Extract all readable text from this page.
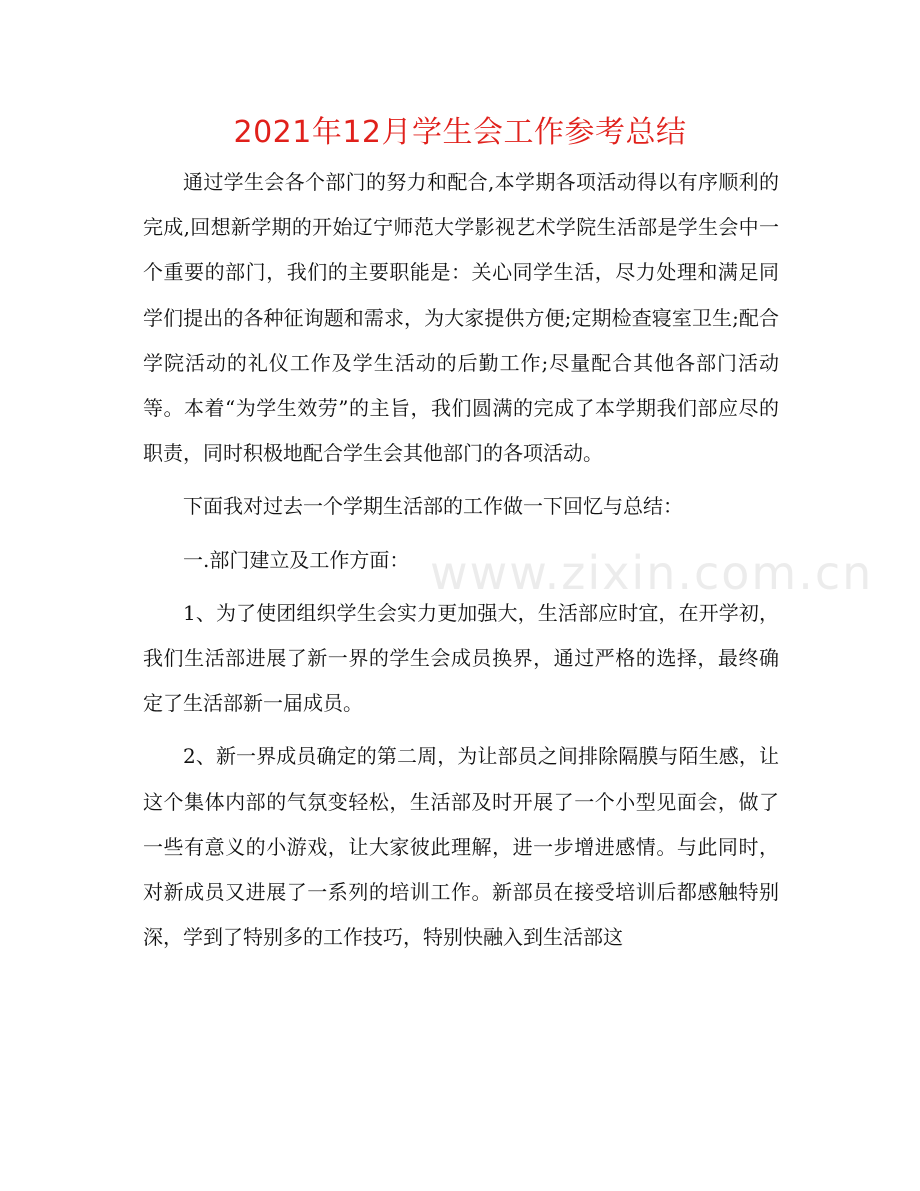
2021年12月学生会工作参考总结

通过学生会各个部门的努力和配合,本学期各项活动得以有序顺利的完成,回想新学期的开始辽宁师范大学影视艺术学院生活部是学生会中一个重要的部门，我们的主要职能是：关心同学生活，尽力处理和满足同学们提出的各种征询题和需求，为大家提供方便;定期检查寝室卫生;配合学院活动的礼仪工作及学生活动的后勤工作;尽量配合其他各部门活动等。本着“为学生效劳”的主旨，我们圆满的完成了本学期我们部应尽的职责，同时积极地配合学生会其他部门的各项活动。

下面我对过去一个学期生活部的工作做一下回忆与总结：

一.部门建立及工作方面：

1、为了使团组织学生会实力更加强大，生活部应时宜，在开学初，我们生活部进展了新一界的学生会成员换界，通过严格的选择，最终确定了生活部新一届成员。

2、新一界成员确定的第二周，为让部员之间排除隔膜与陌生感，让这个集体内部的气氛变轻松，生活部及时开展了一个小型见面会，做了一些有意义的小游戏，让大家彼此理解，进一步增进感情。与此同时，对新成员又进展了一系列的培训工作。新部员在接受培训后都感触特别深，学到了特别多的工作技巧，特别快融入到生活部这

www.zixin.com.cn
